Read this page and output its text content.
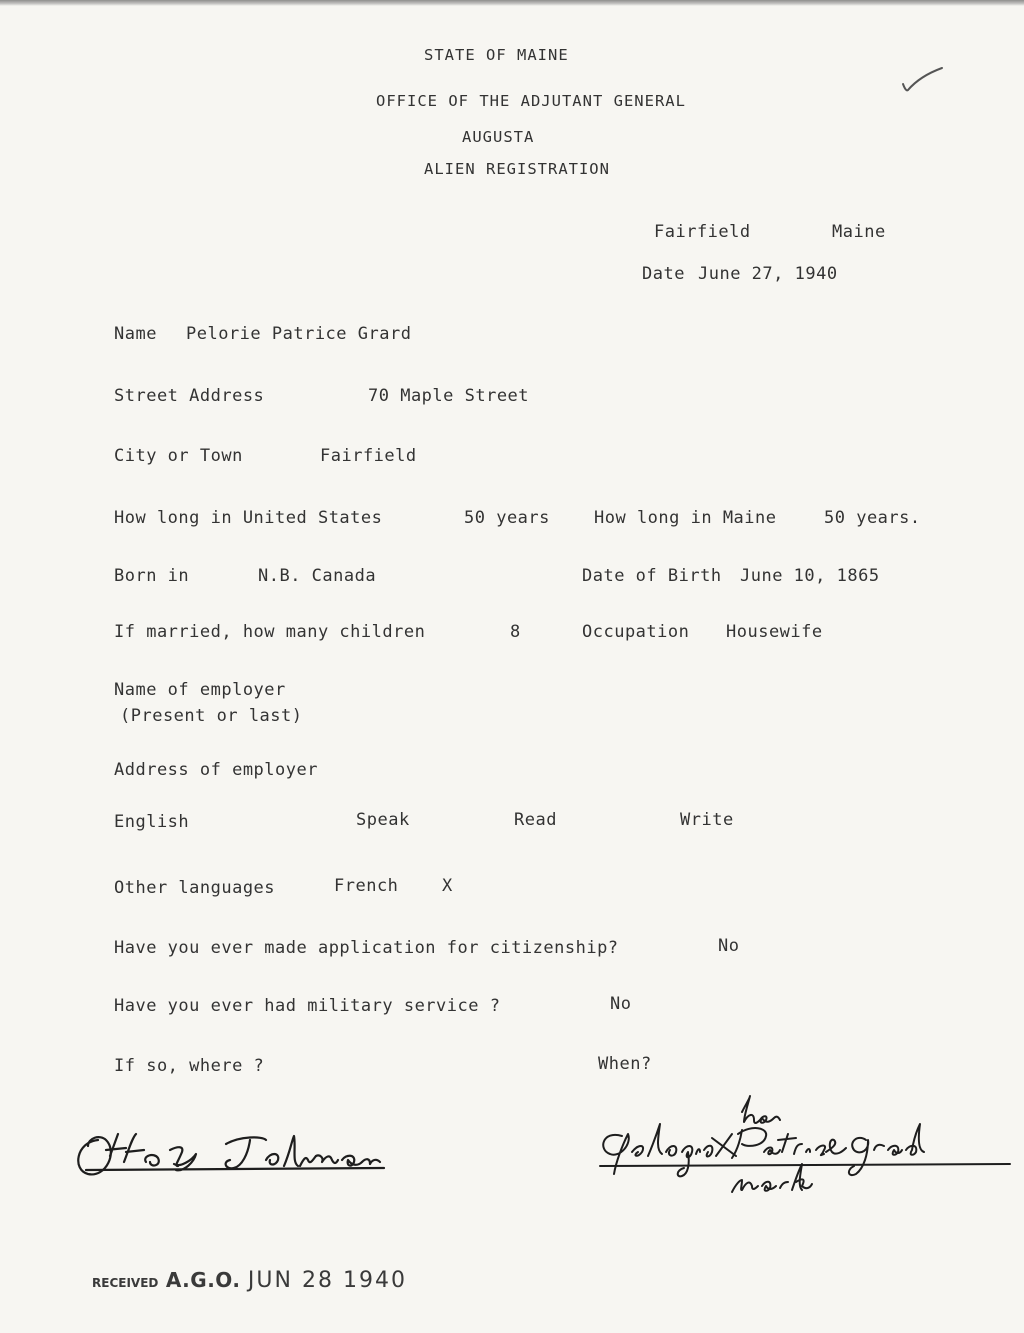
STATE OF MAINE
OFFICE OF THE ADJUTANT GENERAL
AUGUSTA
ALIEN REGISTRATION
Fairfield	Maine
Date June 27, 1940
Name Pelorie Patrice Grard
Street Address	70 Maple Street
City or Town	Fairfield
How long in United States	50 years	How long in Maine	50 years.
Born in	N.B. Canada	Date of Birth June 10, 1865
If married, how many children	8	Occupation Housewife
Name of employer
(Present or last)
Address of employer
English	Speak	Read	Write
Other languages	French	X
Have you ever made application for citizenship?	No
Have you ever had military service ?	No
If so, where ?	When?
RECEIVED A.G.O. JUN 28 1940
